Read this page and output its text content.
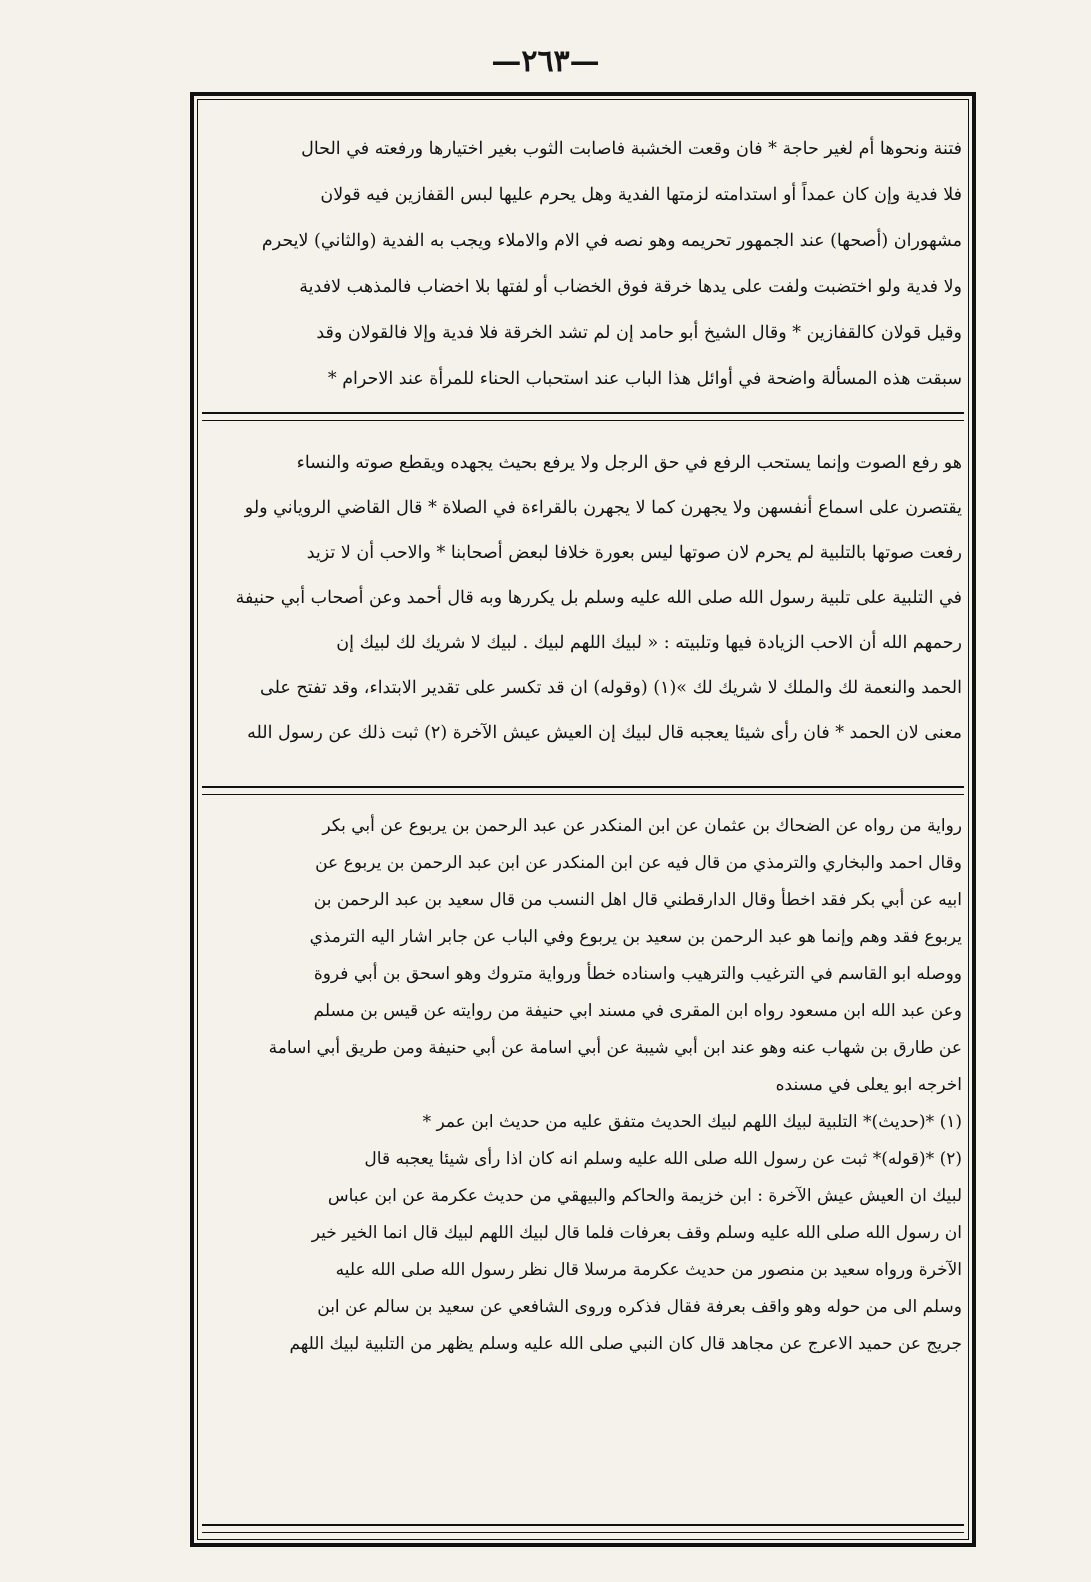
—٢٦٣—
فتنة ونحوها أم لغير حاجة * فان وقعت الخشبة فاصابت الثوب بغير اختيارها ورفعته في الحال
فلا فدية وإن كان عمداً أو استدامته لزمتها الفدية وهل يحرم عليها لبس القفازين فيه قولان
مشهوران (أصحها) عند الجمهور تحريمه وهو نصه في الام والاملاء ويجب به الفدية (والثاني) لايحرم
ولا فدية ولو اختضبت ولفت على يدها خرقة فوق الخضاب أو لفتها بلا اخضاب فالمذهب لافدية
وقيل قولان كالقفازين * وقال الشيخ أبو حامد إن لم تشد الخرقة فلا فدية وإلا فالقولان وقد
سبقت هذه المسألة واضحة في أوائل هذا الباب عند استحباب الحناء للمرأة عند الاحرام *
هو رفع الصوت وإنما يستحب الرفع في حق الرجل ولا يرفع بحيث يجهده ويقطع صوته والنساء
يقتصرن على اسماع أنفسهن ولا يجهرن كما لا يجهرن بالقراءة في الصلاة * قال القاضي الروياني ولو
رفعت صوتها بالتلبية لم يحرم لان صوتها ليس بعورة خلافا لبعض أصحابنا * والاحب أن لا تزيد
في التلبية على تلبية رسول الله صلى الله عليه وسلم بل يكررها وبه قال أحمد وعن أصحاب أبي حنيفة
رحمهم الله أن الاحب الزيادة فيها وتلبيته : « لبيك اللهم لبيك . لبيك لا شريك لك لبيك إن
الحمد والنعمة لك والملك لا شريك لك »(١) (وقوله) ان قد تكسر على تقدير الابتداء، وقد تفتح على
معنى لان الحمد * فان رأى شيئا يعجبه قال لبيك إن العيش عيش الآخرة (٢) ثبت ذلك عن رسول الله
رواية من رواه عن الضحاك بن عثمان عن ابن المنكدر عن عبد الرحمن بن يربوع عن أبي بكر
وقال احمد والبخاري والترمذي من قال فيه عن ابن المنكدر عن ابن عبد الرحمن بن يربوع عن
ابيه عن أبي بكر فقد اخطأ وقال الدارقطني قال اهل النسب من قال سعيد بن عبد الرحمن بن
يربوع فقد وهم وإنما هو عبد الرحمن بن سعيد بن يربوع وفي الباب عن جابر اشار اليه الترمذي
ووصله ابو القاسم في الترغيب والترهيب واسناده خطأ ورواية متروك وهو اسحق بن أبي فروة
وعن عبد الله ابن مسعود رواه ابن المقرى في مسند ابي حنيفة من روايته عن قيس بن مسلم
عن طارق بن شهاب عنه وهو عند ابن أبي شيبة عن أبي اسامة عن أبي حنيفة ومن طريق أبي اسامة
اخرجه ابو يعلى في مسنده
(١) *(حديث)* التلبية لبيك اللهم لبيك الحديث متفق عليه من حديث ابن عمر *
(٢) *(قوله)* ثبت عن رسول الله صلى الله عليه وسلم انه كان اذا رأى شيئا يعجبه قال
لبيك ان العيش عيش الآخرة : ابن خزيمة والحاكم والبيهقي من حديث عكرمة عن ابن عباس
ان رسول الله صلى الله عليه وسلم وقف بعرفات فلما قال لبيك اللهم لبيك قال انما الخير خير
الآخرة ورواه سعيد بن منصور من حديث عكرمة مرسلا قال نظر رسول الله صلى الله عليه
وسلم الى من حوله وهو واقف بعرفة فقال فذكره وروى الشافعي عن سعيد بن سالم عن ابن
جريج عن حميد الاعرج عن مجاهد قال كان النبي صلى الله عليه وسلم يظهر من التلبية لبيك اللهم
